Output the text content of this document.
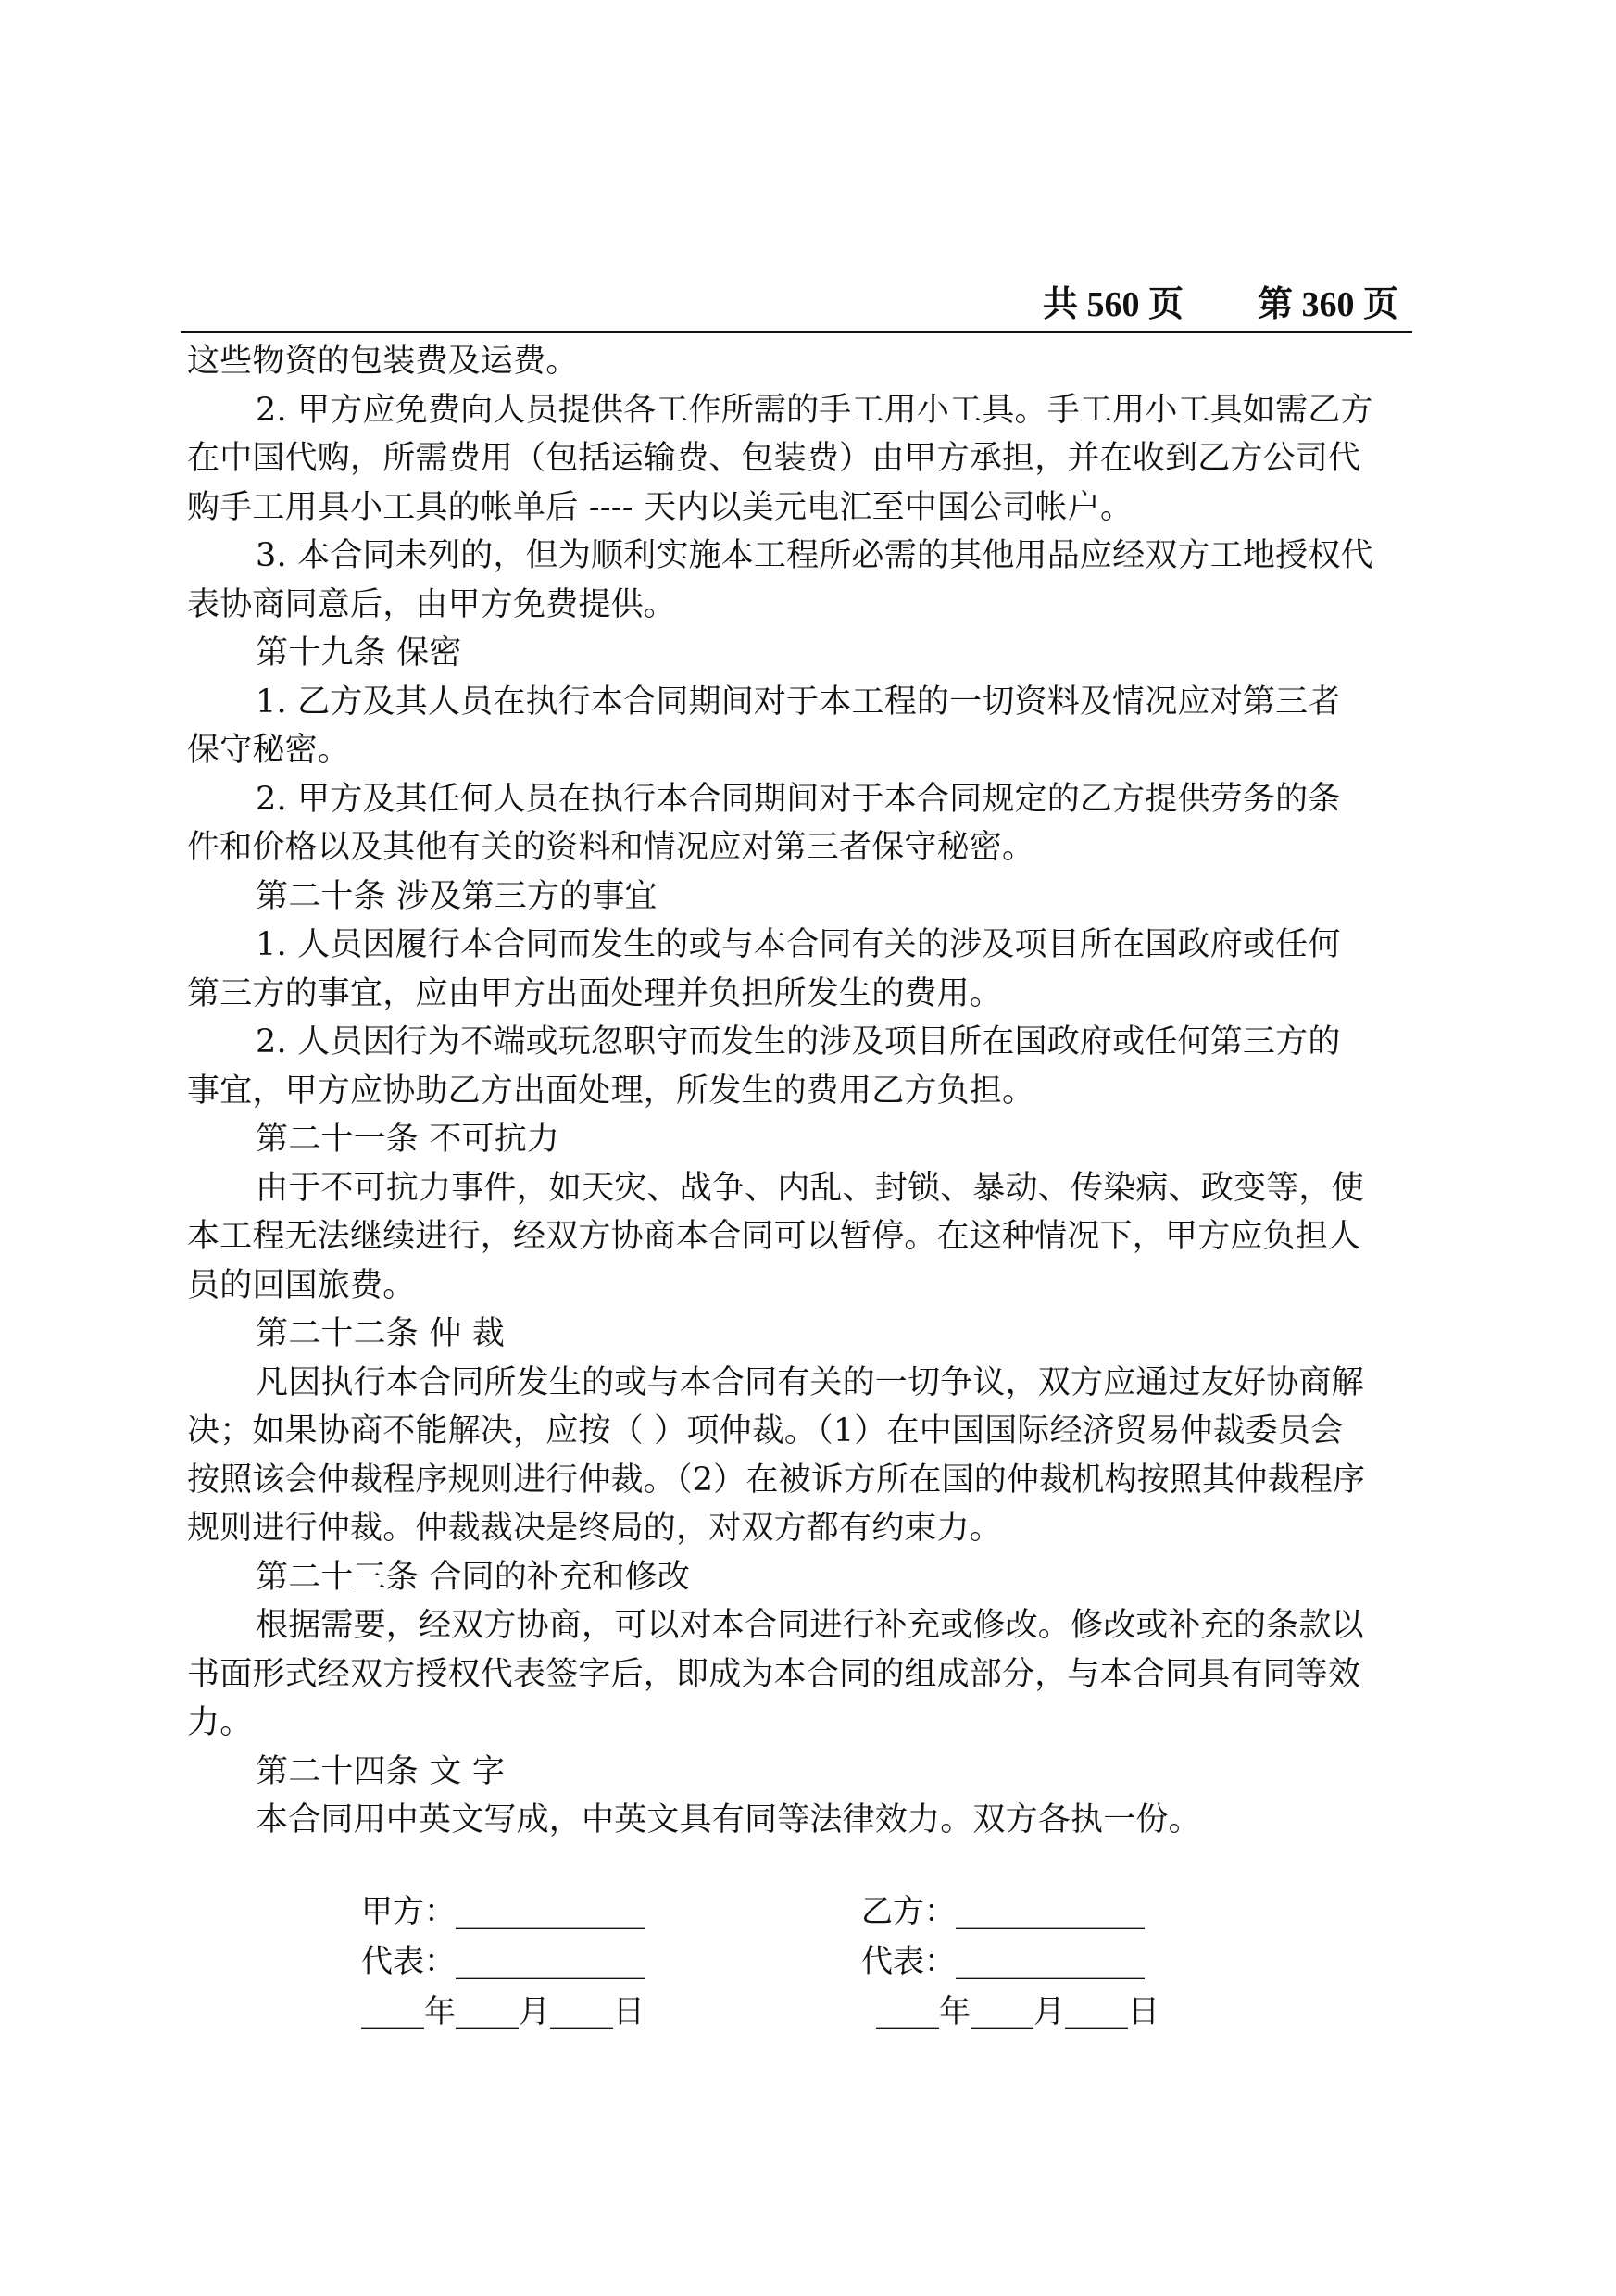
共 560 页 第 360 页
这些物资的包装费及运费。
2. 甲方应免费向人员提供各工作所需的手工用小工具。手工用小工具如需乙方
在中国代购，所需费用（包括运输费、包装费）由甲方承担，并在收到乙方公司代
购手工用具小工具的帐单后 ---- 天内以美元电汇至中国公司帐户。
3. 本合同未列的，但为顺利实施本工程所必需的其他用品应经双方工地授权代
表协商同意后，由甲方免费提供。
第十九条 保密
1. 乙方及其人员在执行本合同期间对于本工程的一切资料及情况应对第三者
保守秘密。
2. 甲方及其任何人员在执行本合同期间对于本合同规定的乙方提供劳务的条
件和价格以及其他有关的资料和情况应对第三者保守秘密。
第二十条 涉及第三方的事宜
1. 人员因履行本合同而发生的或与本合同有关的涉及项目所在国政府或任何
第三方的事宜，应由甲方出面处理并负担所发生的费用。
2. 人员因行为不端或玩忽职守而发生的涉及项目所在国政府或任何第三方的
事宜，甲方应协助乙方出面处理，所发生的费用乙方负担。
第二十一条 不可抗力
由于不可抗力事件，如天灾、战争、内乱、封锁、暴动、传染病、政变等，使
本工程无法继续进行，经双方协商本合同可以暂停。在这种情况下，甲方应负担人
员的回国旅费。
第二十二条 仲 裁
凡因执行本合同所发生的或与本合同有关的一切争议，双方应通过友好协商解
决；如果协商不能解决，应按（ ）项仲裁。（1）在中国国际经济贸易仲裁委员会
按照该会仲裁程序规则进行仲裁。（2）在被诉方所在国的仲裁机构按照其仲裁程序
规则进行仲裁。仲裁裁决是终局的，对双方都有约束力。
第二十三条 合同的补充和修改
根据需要，经双方协商，可以对本合同进行补充或修改。修改或补充的条款以
书面形式经双方授权代表签字后，即成为本合同的组成部分，与本合同具有同等效
力。
第二十四条 文 字
本合同用中英文写成，中英文具有同等法律效力。双方各执一份。
甲方：____________	乙方：____________
代表：____________	代表：____________
____年____月____日	____年____月____日
